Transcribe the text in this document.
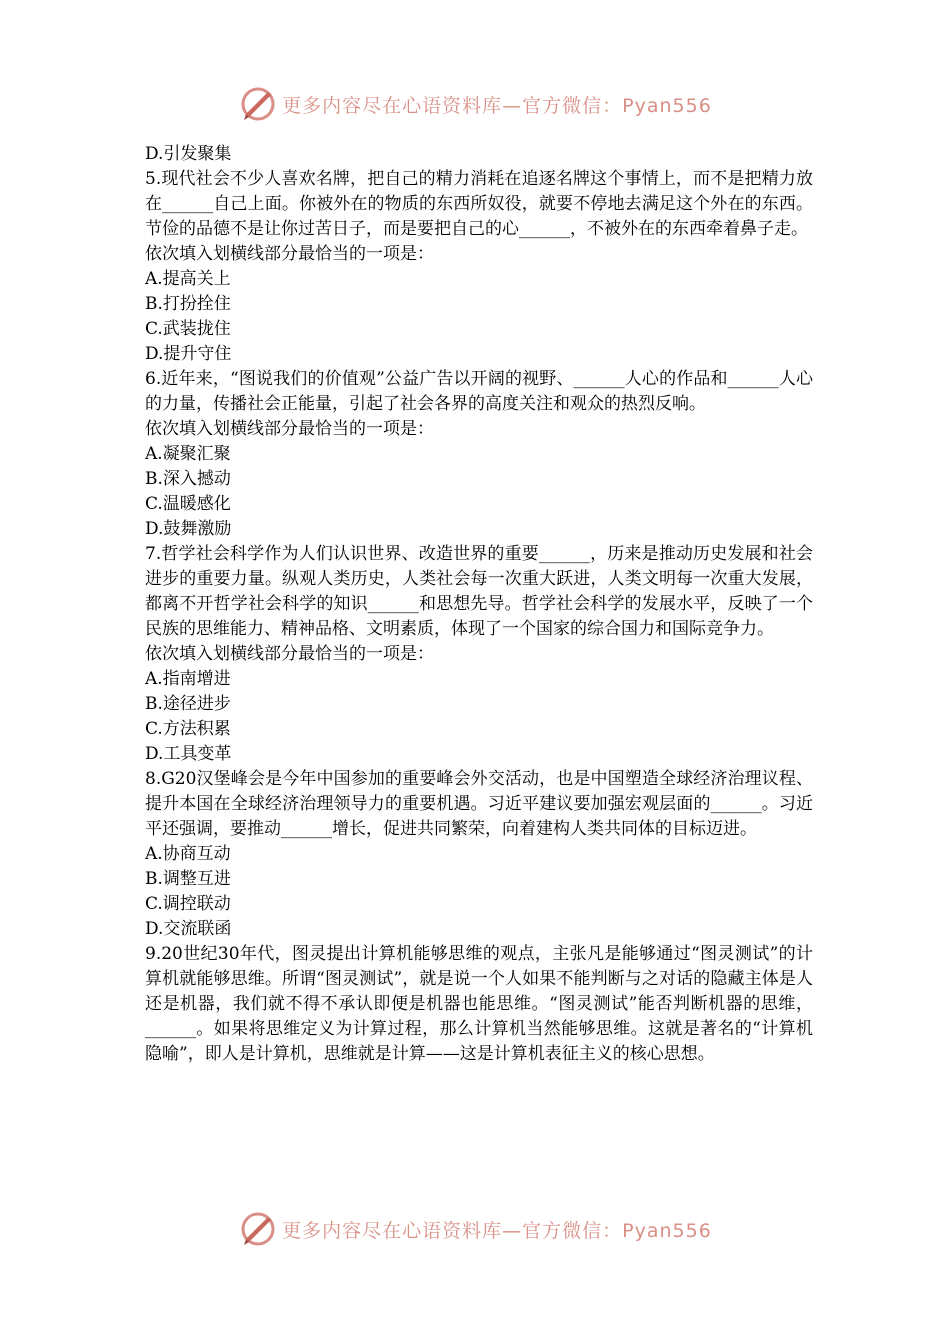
更多内容尽在心语资料库—官方微信：Pyan556

D.引发聚集

5.现代社会不少人喜欢名牌，把自己的精力消耗在追逐名牌这个事情上，而不是把精力放在______自己上面。你被外在的物质的东西所奴役，就要不停地去满足这个外在的东西。节俭的品德不是让你过苦日子，而是要把自己的心______，不被外在的东西牵着鼻子走。

依次填入划横线部分最恰当的一项是：

A.提高关上

B.打扮拴住

C.武装拢住

D.提升守住

6.近年来，“图说我们的价值观”公益广告以开阔的视野、______人心的作品和______人心的力量，传播社会正能量，引起了社会各界的高度关注和观众的热烈反响。

依次填入划横线部分最恰当的一项是：

A.凝聚汇聚

B.深入撼动

C.温暖感化

D.鼓舞激励

7.哲学社会科学作为人们认识世界、改造世界的重要______，历来是推动历史发展和社会进步的重要力量。纵观人类历史，人类社会每一次重大跃进，人类文明每一次重大发展，都离不开哲学社会科学的知识______和思想先导。哲学社会科学的发展水平，反映了一个民族的思维能力、精神品格、文明素质，体现了一个国家的综合国力和国际竞争力。

依次填入划横线部分最恰当的一项是：

A.指南增进

B.途径进步

C.方法积累

D.工具变革

8.G20汉堡峰会是今年中国参加的重要峰会外交活动，也是中国塑造全球经济治理议程、提升本国在全球经济治理领导力的重要机遇。习近平建议要加强宏观层面的______。习近平还强调，要推动______增长，促进共同繁荣，向着建构人类共同体的目标迈进。

A.协商互动

B.调整互进

C.调控联动

D.交流联函

9.20世纪30年代，图灵提出计算机能够思维的观点，主张凡是能够通过“图灵测试”的计算机就能够思维。所谓“图灵测试”，就是说一个人如果不能判断与之对话的隐藏主体是人还是机器，我们就不得不承认即便是机器也能思维。“图灵测试”能否判断机器的思维，______。如果将思维定义为计算过程，那么计算机当然能够思维。这就是著名的“计算机隐喻”，即人是计算机，思维就是计算——这是计算机表征主义的核心思想。

更多内容尽在心语资料库—官方微信：Pyan556
